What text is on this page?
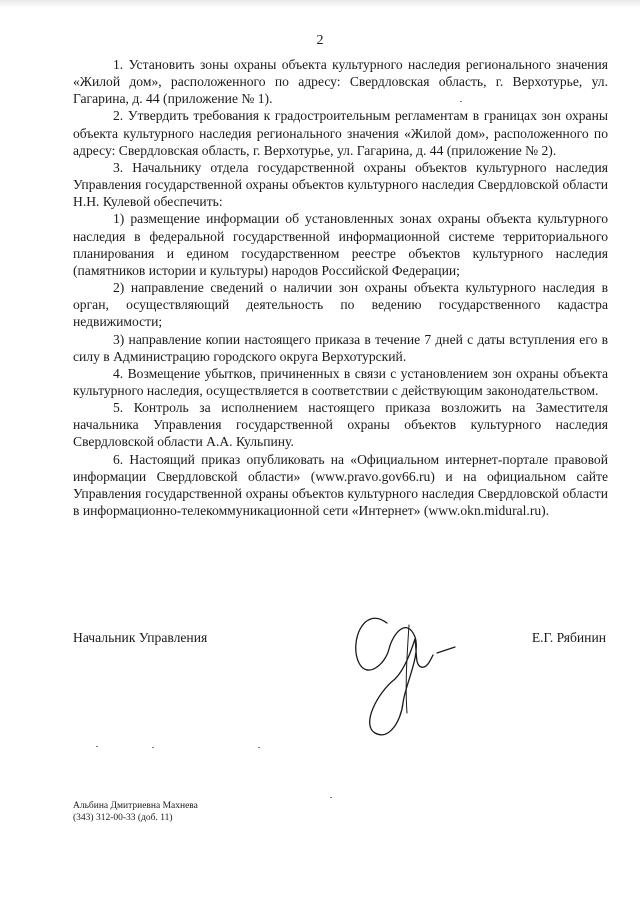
2

1. Установить зоны охраны объекта культурного наследия регионального значения «Жилой дом», расположенного по адресу: Свердловская область, г. Верхотурье, ул. Гагарина, д. 44 (приложение № 1).

2. Утвердить требования к градостроительным регламентам в границах зон охраны объекта культурного наследия регионального значения «Жилой дом», расположенного по адресу: Свердловская область, г. Верхотурье, ул. Гагарина, д. 44 (приложение № 2).

3. Начальнику отдела государственной охраны объектов культурного наследия Управления государственной охраны объектов культурного наследия Свердловской области Н.Н. Кулевой обеспечить:

1) размещение информации об установленных зонах охраны объекта культурного наследия в федеральной государственной информационной системе территориального планирования и едином государственном реестре объектов культурного наследия (памятников истории и культуры) народов Российской Федерации;

2) направление сведений о наличии зон охраны объекта культурного наследия в орган, осуществляющий деятельность по ведению государственного кадастра недвижимости;

3) направление копии настоящего приказа в течение 7 дней с даты вступления его в силу в Администрацию городского округа Верхотурский.

4. Возмещение убытков, причиненных в связи с установлением зон охраны объекта культурного наследия, осуществляется в соответствии с действующим законодательством.

5. Контроль за исполнением настоящего приказа возложить на Заместителя начальника Управления государственной охраны объектов культурного наследия Свердловской области А.А. Кульпину.

6. Настоящий приказ опубликовать на «Официальном интернет-портале правовой информации Свердловской области» (www.pravo.gov66.ru) и на официальном сайте Управления государственной охраны объектов культурного наследия Свердловской области в информационно-телекоммуникационной сети «Интернет» (www.okn.midural.ru).

Начальник Управления	Е.Г. Рябинин
Альбина Дмитриевна Махнева
(343) 312-00-33 (доб. 11)
